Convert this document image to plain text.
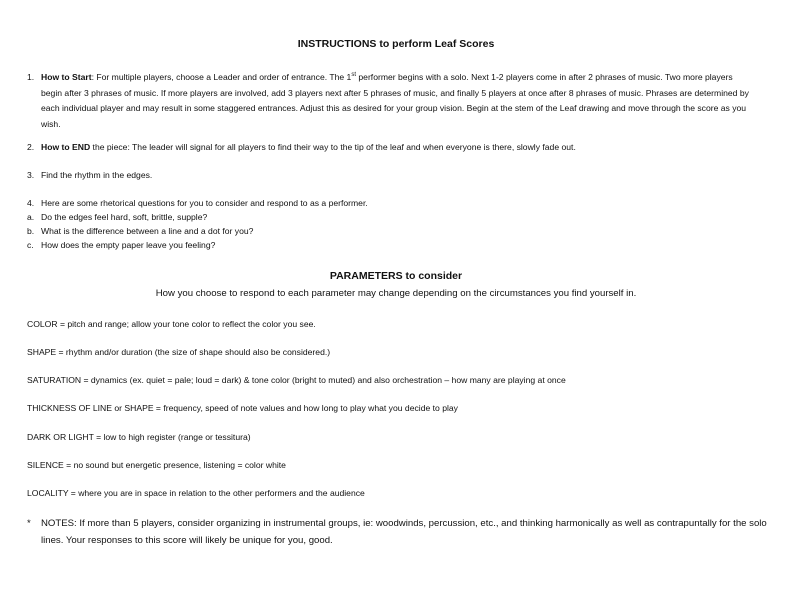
INSTRUCTIONS to perform Leaf Scores
1. How to Start: For multiple players, choose a Leader and order of entrance. The 1st performer begins with a solo. Next 1-2 players come in after 2 phrases of music. Two more players begin after 3 phrases of music. If more players are involved, add 3 players next after 5 phrases of music, and finally 5 players at once after 8 phrases of music. Phrases are determined by each individual player and may result in some staggered entrances. Adjust this as desired for your group vision. Begin at the stem of the Leaf drawing and move through the score as you wish.
2. How to END the piece: The leader will signal for all players to find their way to the tip of the leaf and when everyone is there, slowly fade out.
3. Find the rhythm in the edges.
4. Here are some rhetorical questions for you to consider and respond to as a performer.
a. Do the edges feel hard, soft, brittle, supple?
b. What is the difference between a line and a dot for you?
c. How does the empty paper leave you feeling?
PARAMETERS to consider
How you choose to respond to each parameter may change depending on the circumstances you find yourself in.
COLOR = pitch and range; allow your tone color to reflect the color you see.
SHAPE = rhythm and/or duration (the size of shape should also be considered.)
SATURATION = dynamics (ex. quiet = pale; loud = dark) & tone color (bright to muted) and also orchestration – how many are playing at once
THICKNESS OF LINE or SHAPE = frequency, speed of note values and how long to play what you decide to play
DARK OR LIGHT = low to high register (range or tessitura)
SILENCE = no sound but energetic presence, listening = color white
LOCALITY = where you are in space in relation to the other performers and the audience
*	NOTES: If more than 5 players, consider organizing in instrumental groups, ie: woodwinds, percussion, etc., and thinking harmonically as well as contrapuntally for the solo lines. Your responses to this score will likely be unique for you, good.
